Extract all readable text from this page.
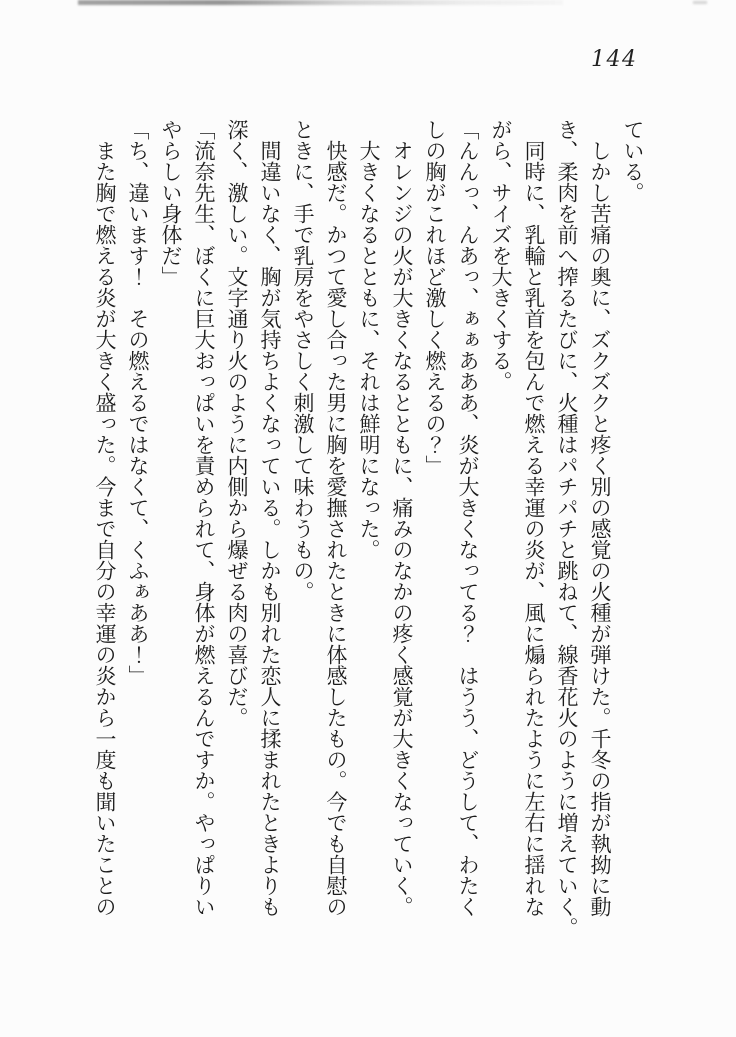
144
ている。
　しかし苦痛の奥に、ズクズクと疼く別の感覚の火種が弾けた。千冬の指が執拗に動
き、柔肉を前へ搾るたびに、火種はパチパチと跳ねて、線香花火のように増えていく。
　同時に、乳輪と乳首を包んで燃える幸運の炎が、風に煽られたように左右に揺れな
がら、サイズを大きくする。
「んんっ、んあっ、ぁぁあああ、炎が大きくなってる？　はうう、どうして、わたく
しの胸がこれほど激しく燃えるの？」
　オレンジの火が大きくなるとともに、痛みのなかの疼く感覚が大きくなっていく。
　大きくなるとともに、それは鮮明になった。
　快感だ。かつて愛し合った男に胸を愛撫されたときに体感したもの。今でも自慰の
ときに、手で乳房をやさしく刺激して味わうもの。
　間違いなく、胸が気持ちよくなっている。しかも別れた恋人に揉まれたときよりも
深く、激しい。文字通り火のように内側から爆ぜる肉の喜びだ。
「流奈先生、ぼくに巨大おっぱいを責められて、身体が燃えるんですか。やっぱりい
やらしい身体だ」
「ち、違います！　その燃えるではなくて、くふぁああ！」
　また胸で燃える炎が大きく盛った。今まで自分の幸運の炎から一度も聞いたことの
